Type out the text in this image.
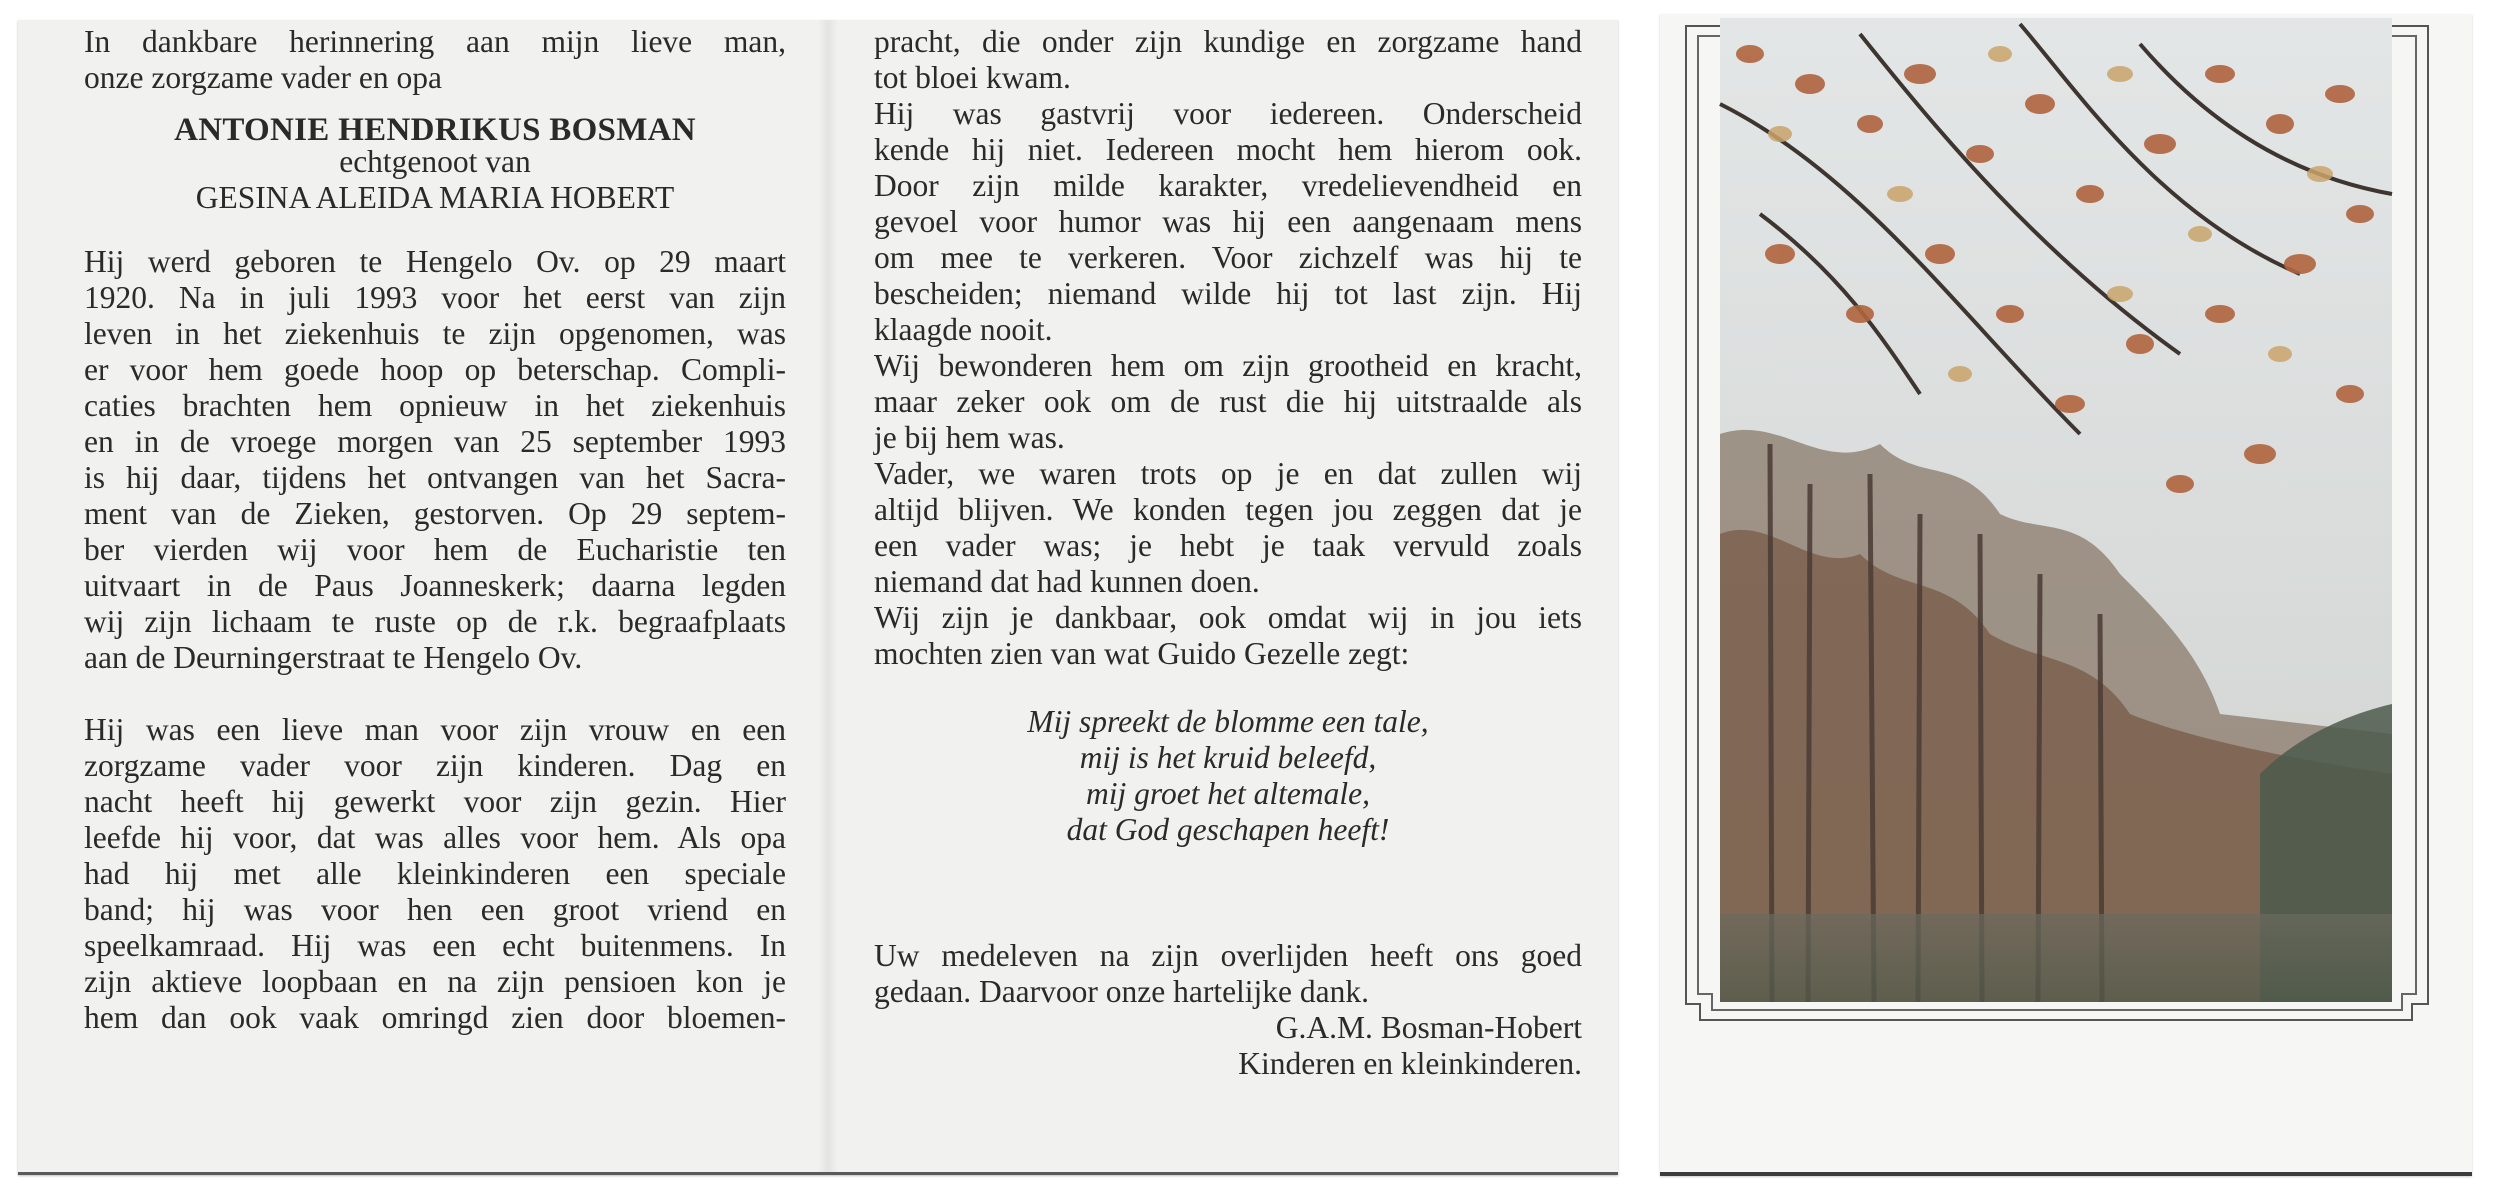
In dankbare herinnering aan mijn lieve man,

onze zorgzame vader en opa

ANTONIE HENDRIKUS BOSMAN

echtgenoot van

GESINA ALEIDA MARIA HOBERT

Hij werd geboren te Hengelo Ov. op 29 maart
1920. Na in juli 1993 voor het eerst van zijn
leven in het ziekenhuis te zijn opgenomen, was
er voor hem goede hoop op beterschap. Compli-
caties brachten hem opnieuw in het ziekenhuis
en in de vroege morgen van 25 september 1993
is hij daar, tijdens het ontvangen van het Sacra-
ment van de Zieken, gestorven. Op 29 septem-
ber vierden wij voor hem de Eucharistie ten
uitvaart in de Paus Joanneskerk; daarna legden
wij zijn lichaam te ruste op de r.k. begraafplaats
aan de Deurningerstraat te Hengelo Ov.
Hij was een lieve man voor zijn vrouw en een
zorgzame vader voor zijn kinderen. Dag en
nacht heeft hij gewerkt voor zijn gezin. Hier
leefde hij voor, dat was alles voor hem. Als opa
had hij met alle kleinkinderen een speciale
band; hij was voor hen een groot vriend en
speelkamraad. Hij was een echt buitenmens. In
zijn aktieve loopbaan en na zijn pensioen kon je
hem dan ook vaak omringd zien door bloemen-
pracht, die onder zijn kundige en zorgzame hand
tot bloei kwam.
Hij was gastvrij voor iedereen. Onderscheid
kende hij niet. Iedereen mocht hem hierom ook.
Door zijn milde karakter, vredelievendheid en
gevoel voor humor was hij een aangenaam mens
om mee te verkeren. Voor zichzelf was hij te
bescheiden; niemand wilde hij tot last zijn. Hij
klaagde nooit.
Wij bewonderen hem om zijn grootheid en kracht,
maar zeker ook om de rust die hij uitstraalde als
je bij hem was.
Vader, we waren trots op je en dat zullen wij
altijd blijven. We konden tegen jou zeggen dat je
een vader was; je hebt je taak vervuld zoals
niemand dat had kunnen doen.
Wij zijn je dankbaar, ook omdat wij in jou iets
mochten zien van wat Guido Gezelle zegt:

Mij spreekt de blomme een tale,

mij is het kruid beleefd,

mij groet het altemale,

dat God geschapen heeft!

Uw medeleven na zijn overlijden heeft ons goed
gedaan. Daarvoor onze hartelijke dank.

G.A.M. Bosman-Hobert

Kinderen en kleinkinderen.
